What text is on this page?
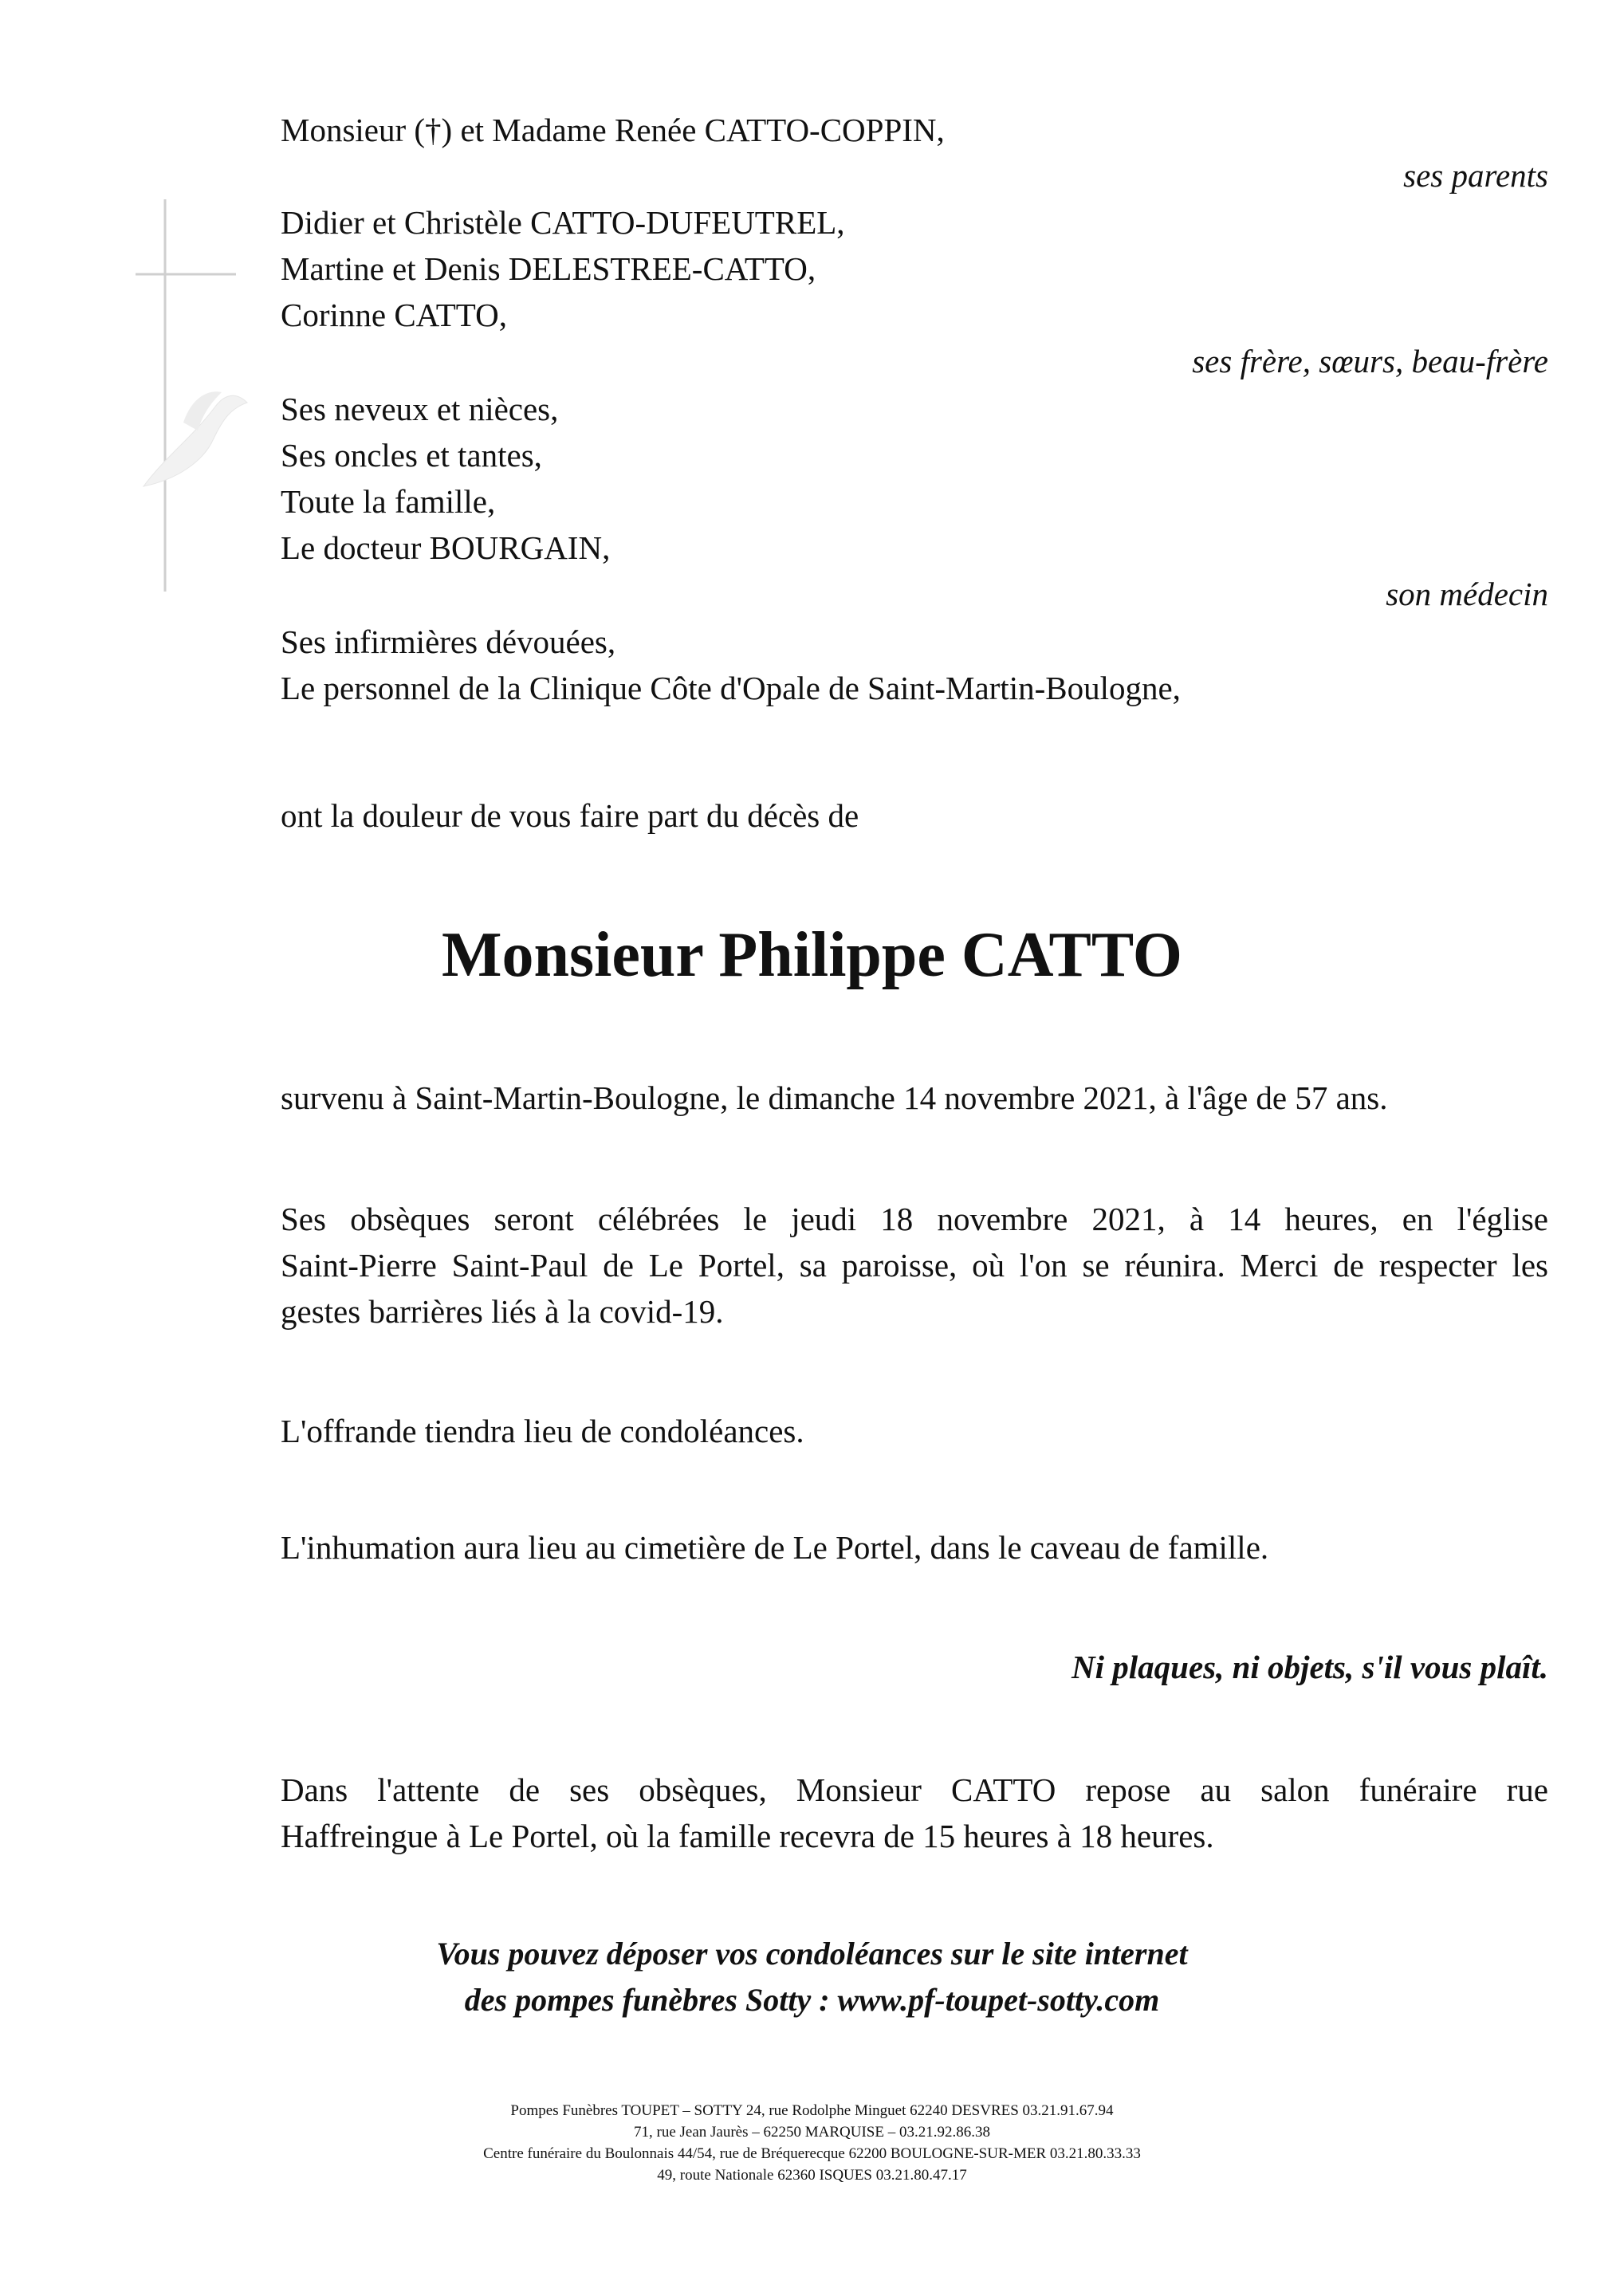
Monsieur (†) et Madame Renée CATTO-COPPIN,
ses parents
Didier et Christèle CATTO-DUFEUTREL,
Martine et Denis DELESTREE-CATTO,
Corinne CATTO,
ses frère, sœurs, beau-frère
Ses neveux et nièces,
Ses oncles et tantes,
Toute la famille,
Le docteur BOURGAIN,
son médecin
Ses infirmières dévouées,
Le personnel de la Clinique Côte d'Opale de Saint-Martin-Boulogne,
ont la douleur de vous faire part du décès de
Monsieur Philippe CATTO
survenu à Saint-Martin-Boulogne, le dimanche 14 novembre 2021, à l'âge de 57 ans.
Ses obsèques seront célébrées le jeudi 18 novembre 2021, à 14 heures, en l'église
Saint-Pierre Saint-Paul de Le Portel, sa paroisse, où l'on se réunira. Merci de respecter les
gestes barrières liés à la covid-19.
L'offrande tiendra lieu de condoléances.
L'inhumation aura lieu au cimetière de Le Portel, dans le caveau de famille.
Ni plaques, ni objets, s'il vous plaît.
Dans l'attente de ses obsèques, Monsieur CATTO repose au salon funéraire rue
Haffreingue à Le Portel, où la famille recevra de 15 heures à 18 heures.
Vous pouvez déposer vos condoléances sur le site internet
des pompes funèbres Sotty : www.pf-toupet-sotty.com
Pompes Funèbres TOUPET – SOTTY 24, rue Rodolphe Minguet 62240 DESVRES 03.21.91.67.94
71, rue Jean Jaurès – 62250 MARQUISE – 03.21.92.86.38
Centre funéraire du Boulonnais 44/54, rue de Bréquerecque 62200 BOULOGNE-SUR-MER 03.21.80.33.33
49, route Nationale 62360 ISQUES 03.21.80.47.17
